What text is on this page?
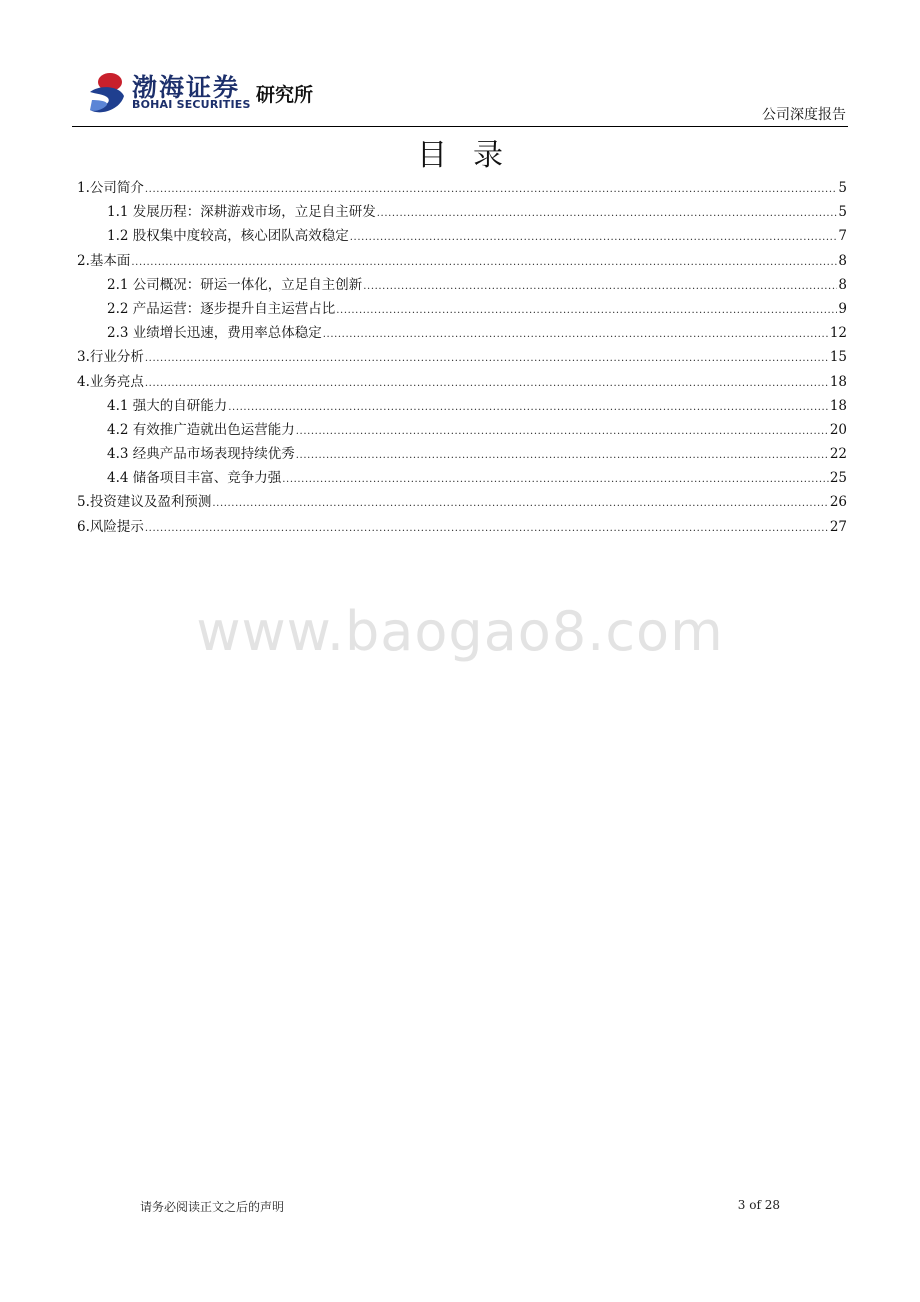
渤海证券
BOHAI SECURITIES 研究所
公司深度报告
目录
1.公司简介 .....	5
1.1 发展历程：深耕游戏市场，立足自主研发 .....	5
1.2 股权集中度较高，核心团队高效稳定 .....	7
2.基本面 .....	8
2.1 公司概况：研运一体化，立足自主创新 .....	8
2.2 产品运营：逐步提升自主运营占比 .....	9
2.3 业绩增长迅速，费用率总体稳定 .....	12
3.行业分析 .....	15
4.业务亮点 .....	18
4.1 强大的自研能力 .....	18
4.2 有效推广造就出色运营能力 .....	20
4.3 经典产品市场表现持续优秀 .....	22
4.4 储备项目丰富、竞争力强 .....	25
5.投资建议及盈利预测 .....	26
6.风险提示 .....	27
www.baogao8.com
请务必阅读正文之后的声明	3 of 28
